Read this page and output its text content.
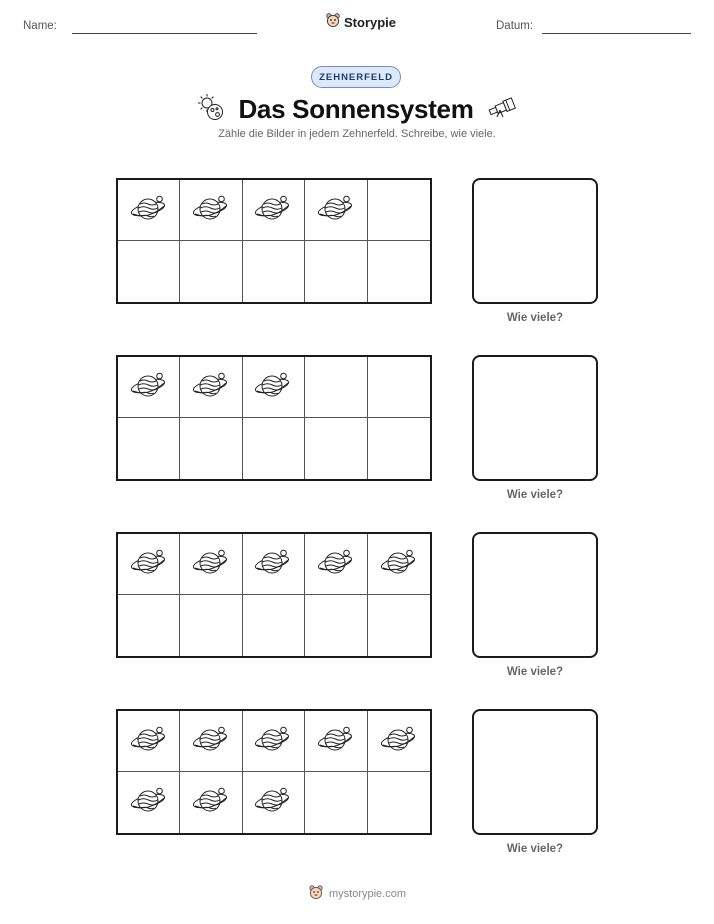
Name:	Storypie	Datum:
ZEHNERFELD
Das Sonnensystem
Zähle die Bilder in jedem Zehnerfeld. Schreibe, wie viele.
Wie viele?
Wie viele?
Wie viele?
Wie viele?
mystorypie.com
